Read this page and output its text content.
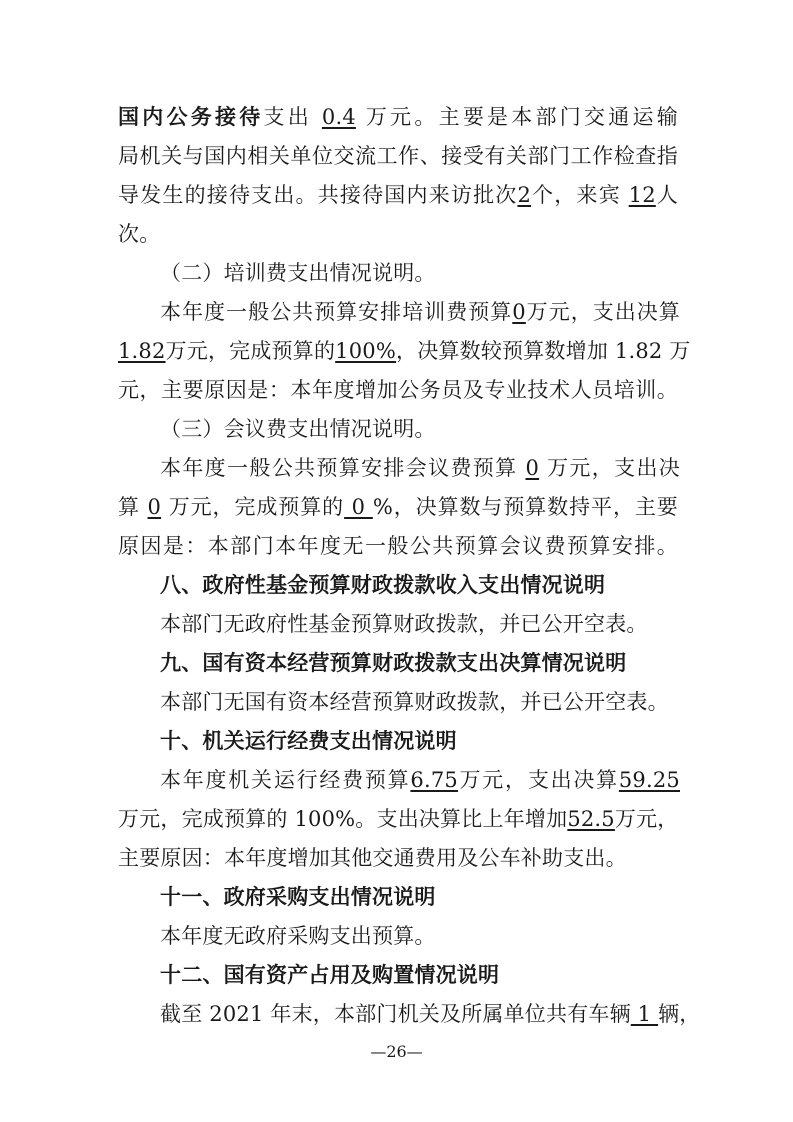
国内公务接待支出 0.4 万元。主要是本部门交通运输
局机关与国内相关单位交流工作、接受有关部门工作检查指
导发生的接待支出。共接待国内来访批次2个，来宾 12人
次。
（二）培训费支出情况说明。
本年度一般公共预算安排培训费预算0万元，支出决算
1.82万元，完成预算的100%，决算数较预算数增加 1.82 万
元，主要原因是：本年度增加公务员及专业技术人员培训。
（三）会议费支出情况说明。
本年度一般公共预算安排会议费预算 0 万元，支出决
算 0 万元，完成预算的 0 %，决算数与预算数持平，主要
原因是：本部门本年度无一般公共预算会议费预算安排。
八、政府性基金预算财政拨款收入支出情况说明
本部门无政府性基金预算财政拨款，并已公开空表。
九、国有资本经营预算财政拨款支出决算情况说明
本部门无国有资本经营预算财政拨款，并已公开空表。
十、机关运行经费支出情况说明
本年度机关运行经费预算6.75万元，支出决算59.25
万元，完成预算的 100%。支出决算比上年增加52.5万元，
主要原因：本年度增加其他交通费用及公车补助支出。
十一、政府采购支出情况说明
本年度无政府采购支出预算。
十二、国有资产占用及购置情况说明
截至 2021 年末，本部门机关及所属单位共有车辆 1 辆，
—26—
